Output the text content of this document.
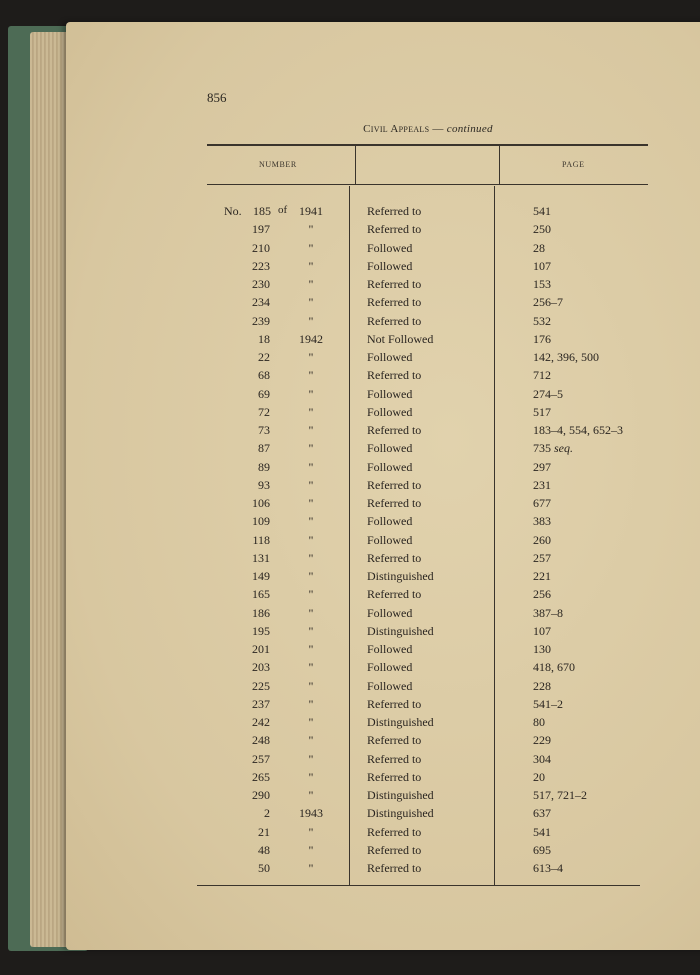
856
Civil Appeals — continued
NUMBER	PAGE
No. 185 of 1941	Referred to	541
197	"	Referred to	250
210	"	Followed	28
223	"	Followed	107
230	"	Referred to	153
234	"	Referred to	256–7
239	"	Referred to	532
18	1942	Not Followed	176
22	"	Followed	142, 396, 500
68	"	Referred to	712
69	"	Followed	274–5
72	"	Followed	517
73	"	Referred to	183–4, 554, 652–3
87	"	Followed	735 seq.
89	"	Followed	297
93	"	Referred to	231
106	"	Referred to	677
109	"	Followed	383
118	"	Followed	260
131	"	Referred to	257
149	"	Distinguished	221
165	"	Referred to	256
186	"	Followed	387–8
195	"	Distinguished	107
201	"	Followed	130
203	"	Followed	418, 670
225	"	Followed	228
237	"	Referred to	541–2
242	"	Distinguished	80
248	"	Referred to	229
257	"	Referred to	304
265	"	Referred to	20
290	"	Distinguished	517, 721–2
2	1943	Distinguished	637
21	"	Referred to	541
48	"	Referred to	695
50	"	Referred to	613–4
